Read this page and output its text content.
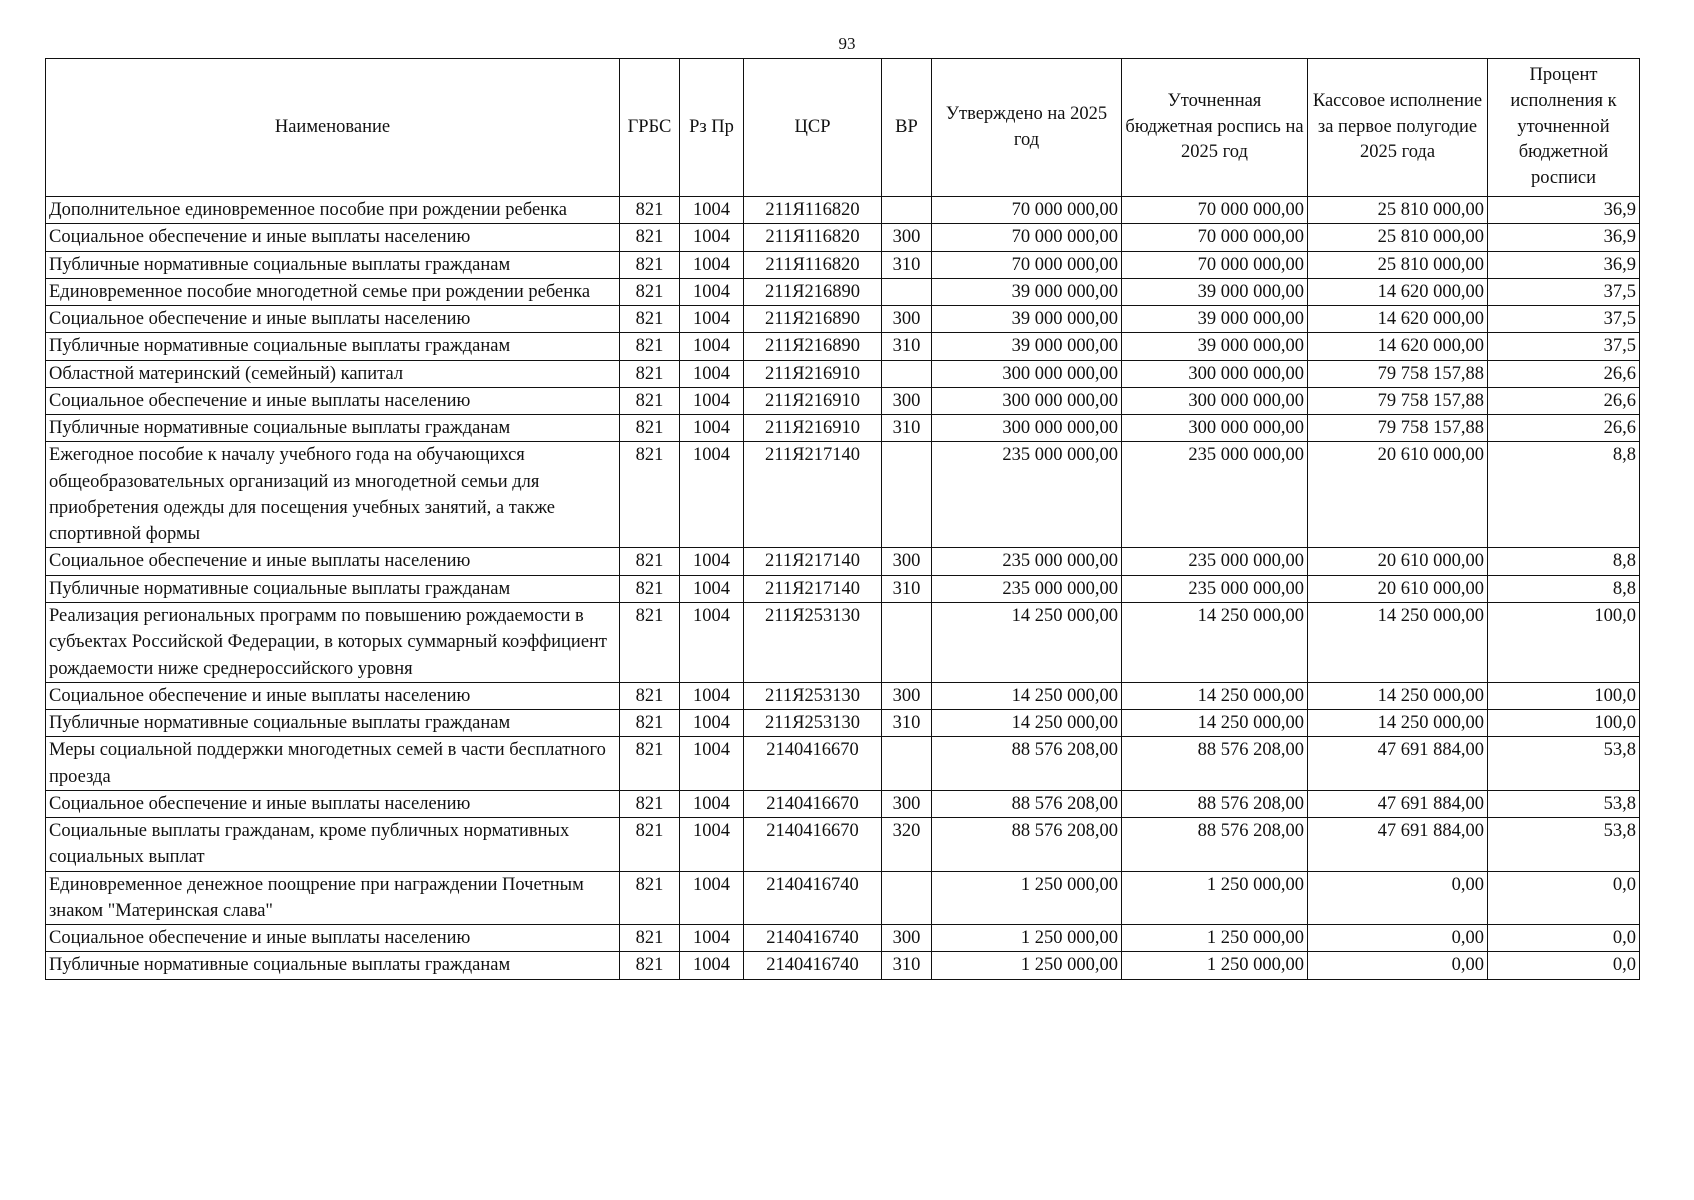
93
Наименование	ГРБС	Рз Пр	ЦСР	ВР	Утверждено на 2025 год	Уточненная бюджетная роспись на 2025 год	Кассовое исполнение за первое полугодие 2025 года	Процент исполнения к уточненной бюджетной росписи
Дополнительное единовременное пособие при рождении ребенка	821	1004	211Я116820		70 000 000,00	70 000 000,00	25 810 000,00	36,9
Социальное обеспечение и иные выплаты населению	821	1004	211Я116820	300	70 000 000,00	70 000 000,00	25 810 000,00	36,9
Публичные нормативные социальные выплаты гражданам	821	1004	211Я116820	310	70 000 000,00	70 000 000,00	25 810 000,00	36,9
Единовременное пособие многодетной семье при рождении ребенка	821	1004	211Я216890		39 000 000,00	39 000 000,00	14 620 000,00	37,5
Социальное обеспечение и иные выплаты населению	821	1004	211Я216890	300	39 000 000,00	39 000 000,00	14 620 000,00	37,5
Публичные нормативные социальные выплаты гражданам	821	1004	211Я216890	310	39 000 000,00	39 000 000,00	14 620 000,00	37,5
Областной материнский (семейный) капитал	821	1004	211Я216910		300 000 000,00	300 000 000,00	79 758 157,88	26,6
Социальное обеспечение и иные выплаты населению	821	1004	211Я216910	300	300 000 000,00	300 000 000,00	79 758 157,88	26,6
Публичные нормативные социальные выплаты гражданам	821	1004	211Я216910	310	300 000 000,00	300 000 000,00	79 758 157,88	26,6
Ежегодное пособие к началу учебного года на обучающихся общеобразовательных организаций из многодетной семьи для приобретения одежды для посещения учебных занятий, а также спортивной формы	821	1004	211Я217140		235 000 000,00	235 000 000,00	20 610 000,00	8,8
Социальное обеспечение и иные выплаты населению	821	1004	211Я217140	300	235 000 000,00	235 000 000,00	20 610 000,00	8,8
Публичные нормативные социальные выплаты гражданам	821	1004	211Я217140	310	235 000 000,00	235 000 000,00	20 610 000,00	8,8
Реализация региональных программ по повышению рождаемости в субъектах Российской Федерации, в которых суммарный коэффициент рождаемости ниже среднероссийского уровня	821	1004	211Я253130		14 250 000,00	14 250 000,00	14 250 000,00	100,0
Социальное обеспечение и иные выплаты населению	821	1004	211Я253130	300	14 250 000,00	14 250 000,00	14 250 000,00	100,0
Публичные нормативные социальные выплаты гражданам	821	1004	211Я253130	310	14 250 000,00	14 250 000,00	14 250 000,00	100,0
Меры социальной поддержки многодетных семей в части бесплатного проезда	821	1004	2140416670		88 576 208,00	88 576 208,00	47 691 884,00	53,8
Социальное обеспечение и иные выплаты населению	821	1004	2140416670	300	88 576 208,00	88 576 208,00	47 691 884,00	53,8
Социальные выплаты гражданам, кроме публичных нормативных социальных выплат	821	1004	2140416670	320	88 576 208,00	88 576 208,00	47 691 884,00	53,8
Единовременное денежное поощрение при награждении Почетным знаком "Материнская слава"	821	1004	2140416740		1 250 000,00	1 250 000,00	0,00	0,0
Социальное обеспечение и иные выплаты населению	821	1004	2140416740	300	1 250 000,00	1 250 000,00	0,00	0,0
Публичные нормативные социальные выплаты гражданам	821	1004	2140416740	310	1 250 000,00	1 250 000,00	0,00	0,0
